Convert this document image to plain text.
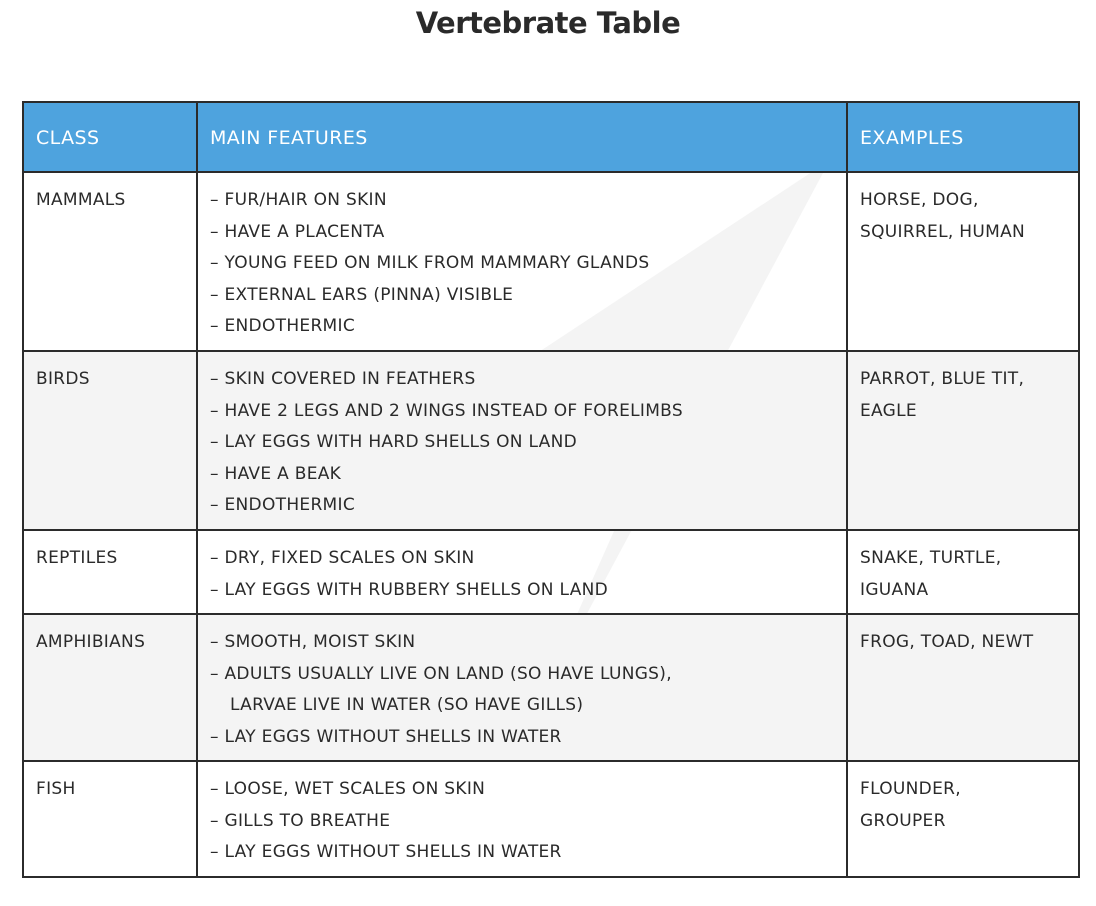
Vertebrate Table
CLASS	MAIN FEATURES	EXAMPLES

MAMMALS	– FUR/HAIR ON SKIN
– HAVE A PLACENTA
– YOUNG FEED ON MILK FROM MAMMARY GLANDS
– EXTERNAL EARS (PINNA) VISIBLE
– ENDOTHERMIC	HORSE, DOG,
SQUIRREL, HUMAN

BIRDS	– SKIN COVERED IN FEATHERS
– HAVE 2 LEGS AND 2 WINGS INSTEAD OF FORELIMBS
– LAY EGGS WITH HARD SHELLS ON LAND
– HAVE A BEAK
– ENDOTHERMIC	PARROT, BLUE TIT,
EAGLE

REPTILES	– DRY, FIXED SCALES ON SKIN
– LAY EGGS WITH RUBBERY SHELLS ON LAND	SNAKE, TURTLE,
IGUANA

AMPHIBIANS	– SMOOTH, MOIST SKIN
– ADULTS USUALLY LIVE ON LAND (SO HAVE LUNGS), LARVAE LIVE IN WATER (SO HAVE GILLS)
– LAY EGGS WITHOUT SHELLS IN WATER	FROG, TOAD, NEWT

FISH	– LOOSE, WET SCALES ON SKIN
– GILLS TO BREATHE
– LAY EGGS WITHOUT SHELLS IN WATER	FLOUNDER,
GROUPER
